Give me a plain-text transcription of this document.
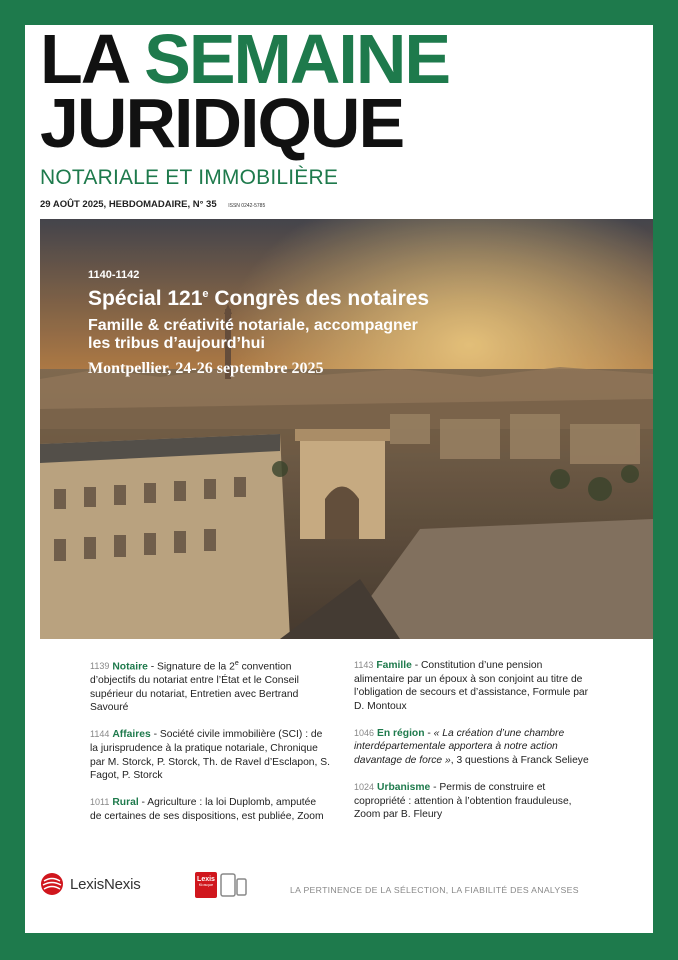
LA SEMAINE
JURIDIQUE
NOTARIALE ET IMMOBILIÈRE
29 AOÛT 2025, HEBDOMADAIRE, N° 35 ISSN 0242-5785
1140-1142
Spécial 121e Congrès des notaires
Famille & créativité notariale, accompagner
les tribus d’aujourd’hui
Montpellier, 24-26 septembre 2025
1139 Notaire - Signature de la 2e convention d’objectifs du notariat entre l’État et le Conseil supérieur du notariat, Entretien avec Bertrand Savouré
1144 Affaires - Société civile immobilière (SCI) : de la jurisprudence à la pratique notariale, Chronique par M. Storck, P. Storck, Th. de Ravel d’Esclapon, S. Fagot, P. Storck
1011 Rural - Agriculture : la loi Duplomb, amputée de certaines de ses dispositions, est publiée, Zoom
1143 Famille - Constitution d’une pension alimentaire par un époux à son conjoint au titre de l’obligation de secours et d’assistance, Formule par D. Montoux
1046 En région - « La création d’une chambre interdépartementale apportera à notre action davantage de force », 3 questions à Franck Selieye
1024 Urbanisme - Permis de construire et copropriété : attention à l’obtention frauduleuse, Zoom par B. Fleury
LexisNexis	Lexis
Kiosque
LA PERTINENCE DE LA SÉLECTION, LA FIABILITÉ DES ANALYSES
